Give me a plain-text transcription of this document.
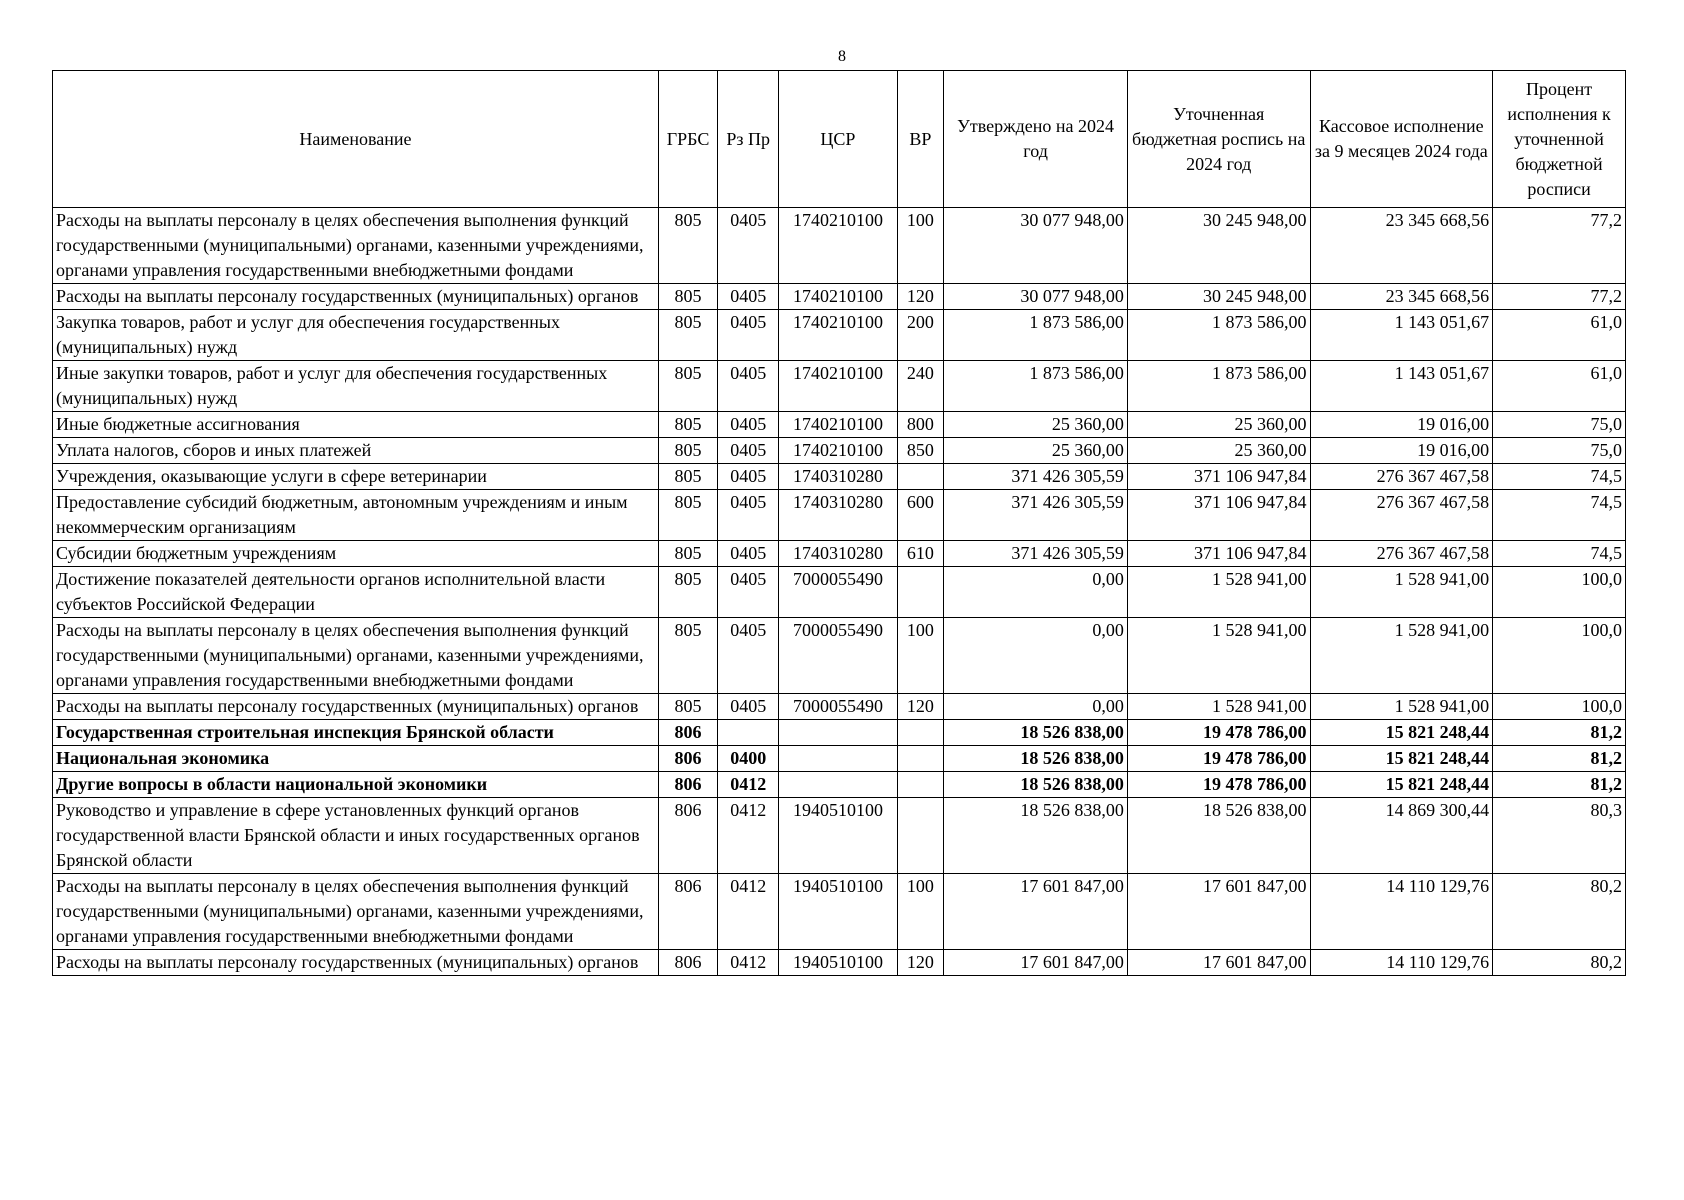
8
Наименование	ГРБС	Рз Пр	ЦСР	ВР	Утверждено на 2024 год	Уточненная бюджетная роспись на 2024 год	Кассовое исполнение за 9 месяцев 2024 года	Процент исполнения к уточненной бюджетной росписи
Расходы на выплаты персоналу в целях обеспечения выполнения функций государственными (муниципальными) органами, казенными учреждениями, органами управления государственными внебюджетными фондами	805	0405	1740210100	100	30 077 948,00	30 245 948,00	23 345 668,56	77,2
Расходы на выплаты персоналу государственных (муниципальных) органов	805	0405	1740210100	120	30 077 948,00	30 245 948,00	23 345 668,56	77,2
Закупка товаров, работ и услуг для обеспечения государственных (муниципальных) нужд	805	0405	1740210100	200	1 873 586,00	1 873 586,00	1 143 051,67	61,0
Иные закупки товаров, работ и услуг для обеспечения государственных (муниципальных) нужд	805	0405	1740210100	240	1 873 586,00	1 873 586,00	1 143 051,67	61,0
Иные бюджетные ассигнования	805	0405	1740210100	800	25 360,00	25 360,00	19 016,00	75,0
Уплата налогов, сборов и иных платежей	805	0405	1740210100	850	25 360,00	25 360,00	19 016,00	75,0
Учреждения, оказывающие услуги в сфере ветеринарии	805	0405	1740310280		371 426 305,59	371 106 947,84	276 367 467,58	74,5
Предоставление субсидий бюджетным, автономным учреждениям и иным некоммерческим организациям	805	0405	1740310280	600	371 426 305,59	371 106 947,84	276 367 467,58	74,5
Субсидии бюджетным учреждениям	805	0405	1740310280	610	371 426 305,59	371 106 947,84	276 367 467,58	74,5
Достижение показателей деятельности органов исполнительной власти субъектов Российской Федерации	805	0405	7000055490		0,00	1 528 941,00	1 528 941,00	100,0
Расходы на выплаты персоналу в целях обеспечения выполнения функций государственными (муниципальными) органами, казенными учреждениями, органами управления государственными внебюджетными фондами	805	0405	7000055490	100	0,00	1 528 941,00	1 528 941,00	100,0
Расходы на выплаты персоналу государственных (муниципальных) органов	805	0405	7000055490	120	0,00	1 528 941,00	1 528 941,00	100,0
Государственная строительная инспекция Брянской области	806				18 526 838,00	19 478 786,00	15 821 248,44	81,2
Национальная экономика	806	0400			18 526 838,00	19 478 786,00	15 821 248,44	81,2
Другие вопросы в области национальной экономики	806	0412			18 526 838,00	19 478 786,00	15 821 248,44	81,2
Руководство и управление в сфере установленных функций органов государственной власти Брянской области и иных государственных органов Брянской области	806	0412	1940510100		18 526 838,00	18 526 838,00	14 869 300,44	80,3
Расходы на выплаты персоналу в целях обеспечения выполнения функций государственными (муниципальными) органами, казенными учреждениями, органами управления государственными внебюджетными фондами	806	0412	1940510100	100	17 601 847,00	17 601 847,00	14 110 129,76	80,2
Расходы на выплаты персоналу государственных (муниципальных) органов	806	0412	1940510100	120	17 601 847,00	17 601 847,00	14 110 129,76	80,2
